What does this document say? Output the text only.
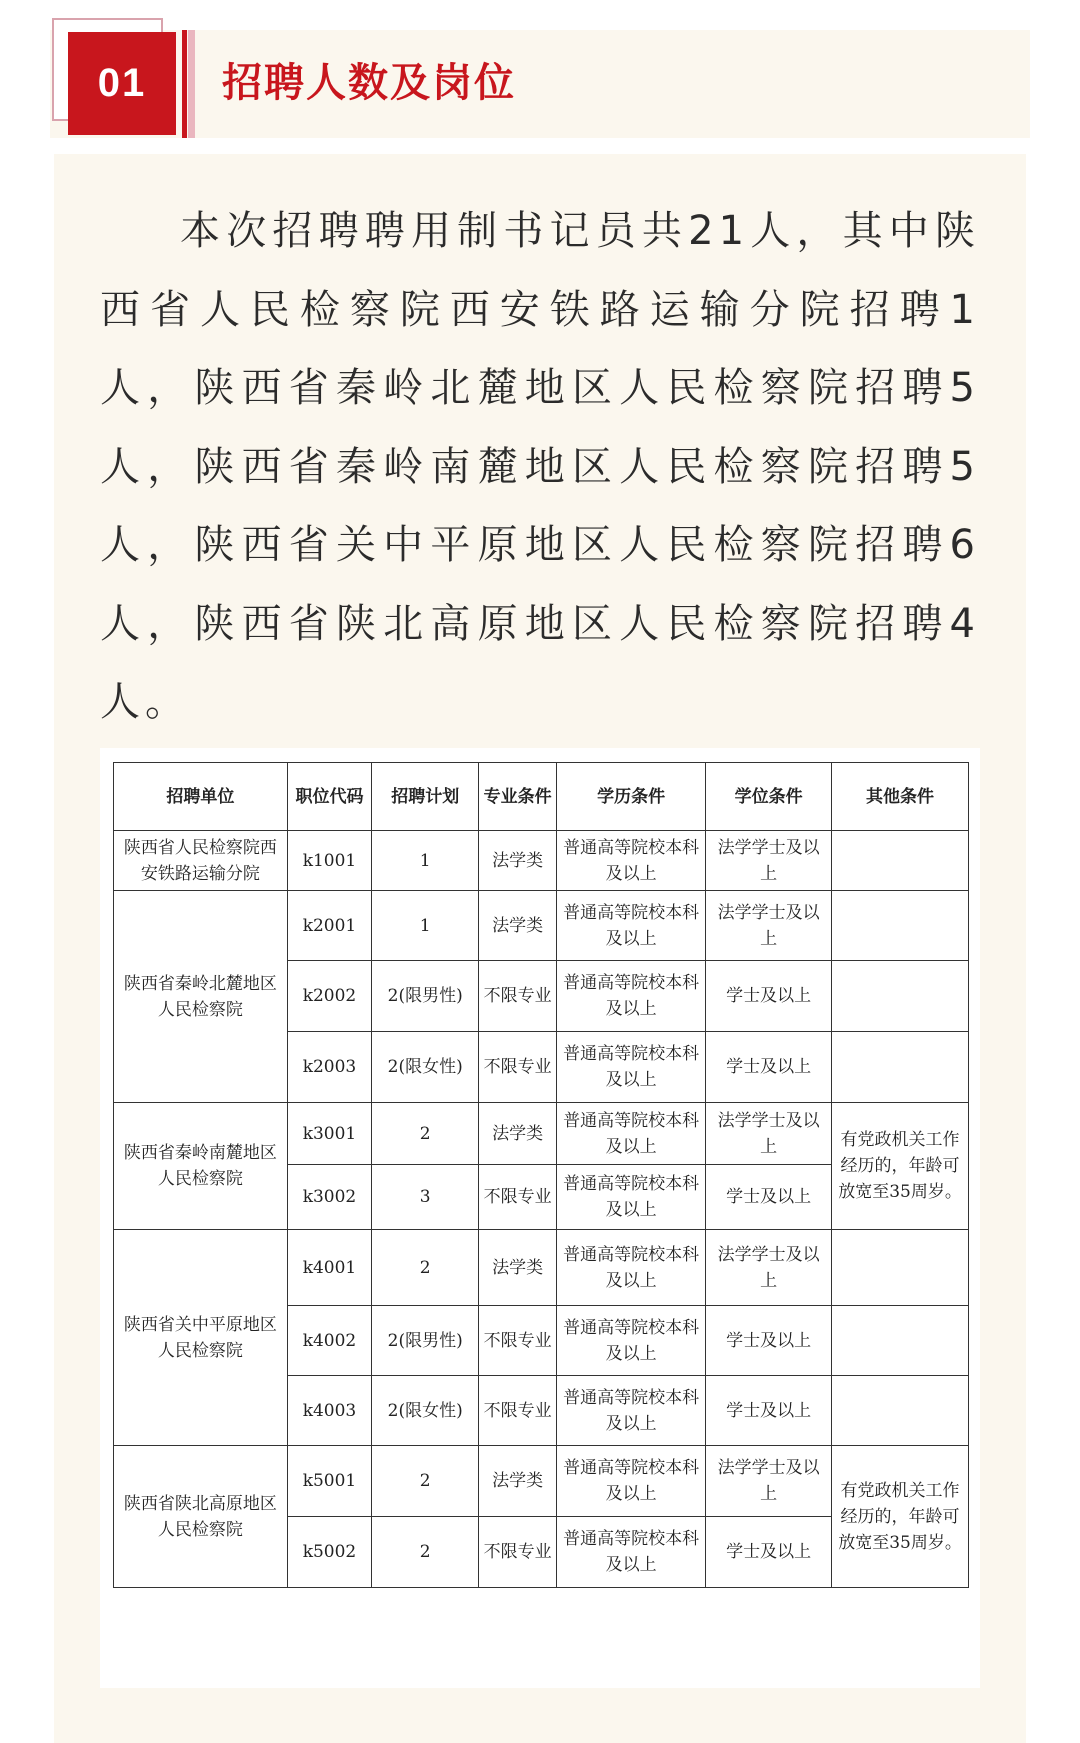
01	招聘人数及岗位

本次招聘聘用制书记员共21人，其中陕西省人民检察院西安铁路运输分院招聘1人，陕西省秦岭北麓地区人民检察院招聘5人，陕西省秦岭南麓地区人民检察院招聘5人，陕西省关中平原地区人民检察院招聘6人，陕西省陕北高原地区人民检察院招聘4人。

招聘单位	职位代码	招聘计划	专业条件	学历条件	学位条件	其他条件
陕西省人民检察院西安铁路运输分院	k1001	1	法学类	普通高等院校本科及以上	法学学士及以上	
陕西省秦岭北麓地区人民检察院	k2001	1	法学类	普通高等院校本科及以上	法学学士及以上	
	k2002	2(限男性)	不限专业	普通高等院校本科及以上	学士及以上	
	k2003	2(限女性)	不限专业	普通高等院校本科及以上	学士及以上	
陕西省秦岭南麓地区人民检察院	k3001	2	法学类	普通高等院校本科及以上	法学学士及以上	有党政机关工作经历的，年龄可放宽至35周岁。
	k3002	3	不限专业	普通高等院校本科及以上	学士及以上	
陕西省关中平原地区人民检察院	k4001	2	法学类	普通高等院校本科及以上	法学学士及以上	
	k4002	2(限男性)	不限专业	普通高等院校本科及以上	学士及以上	
	k4003	2(限女性)	不限专业	普通高等院校本科及以上	学士及以上	
陕西省陕北高原地区人民检察院	k5001	2	法学类	普通高等院校本科及以上	法学学士及以上	有党政机关工作经历的，年龄可放宽至35周岁。
	k5002	2	不限专业	普通高等院校本科及以上	学士及以上	
